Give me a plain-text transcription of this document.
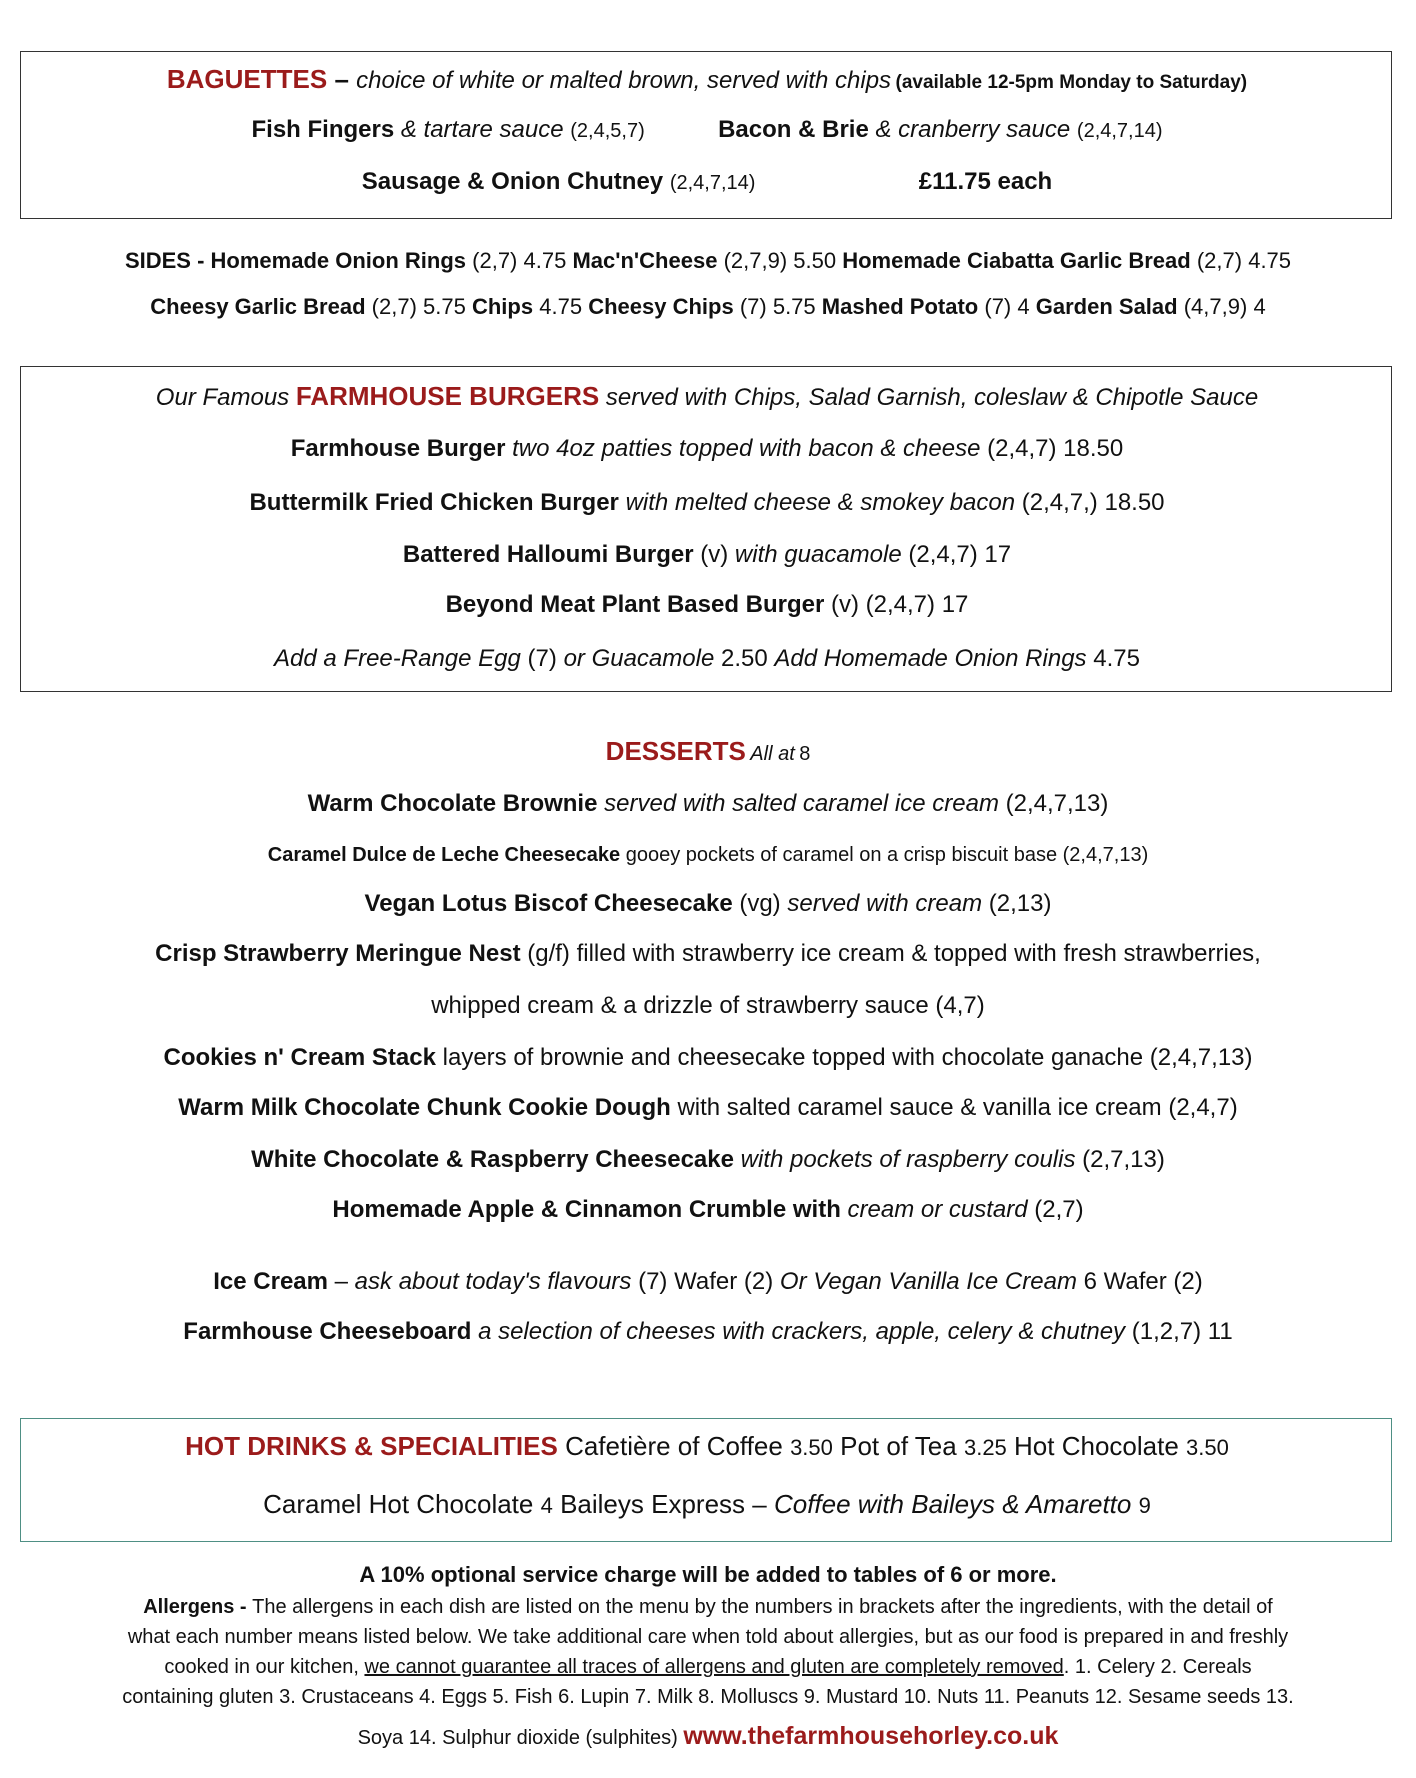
BAGUETTES – choice of white or malted brown, served with chips (available 12-5pm Monday to Saturday)
Fish Fingers & tartare sauce (2,4,5,7)	Bacon & Brie & cranberry sauce (2,4,7,14)
Sausage & Onion Chutney (2,4,7,14)	£11.75 each
SIDES - Homemade Onion Rings (2,7) 4.75 Mac'n'Cheese (2,7,9) 5.50 Homemade Ciabatta Garlic Bread (2,7) 4.75
Cheesy Garlic Bread (2,7) 5.75 Chips 4.75 Cheesy Chips (7) 5.75 Mashed Potato (7) 4 Garden Salad (4,7,9) 4
Our Famous FARMHOUSE BURGERS served with Chips, Salad Garnish, coleslaw & Chipotle Sauce
Farmhouse Burger two 4oz patties topped with bacon & cheese (2,4,7) 18.50
Buttermilk Fried Chicken Burger with melted cheese & smokey bacon (2,4,7,) 18.50
Battered Halloumi Burger (v) with guacamole (2,4,7) 17
Beyond Meat Plant Based Burger (v) (2,4,7) 17
Add a Free-Range Egg (7) or Guacamole 2.50 Add Homemade Onion Rings 4.75
DESSERTS All at 8
Warm Chocolate Brownie served with salted caramel ice cream (2,4,7,13)
Caramel Dulce de Leche Cheesecake gooey pockets of caramel on a crisp biscuit base (2,4,7,13)
Vegan Lotus Biscof Cheesecake (vg) served with cream (2,13)
Crisp Strawberry Meringue Nest (g/f) filled with strawberry ice cream & topped with fresh strawberries,
whipped cream & a drizzle of strawberry sauce (4,7)
Cookies n' Cream Stack layers of brownie and cheesecake topped with chocolate ganache (2,4,7,13)
Warm Milk Chocolate Chunk Cookie Dough with salted caramel sauce & vanilla ice cream (2,4,7)
White Chocolate & Raspberry Cheesecake with pockets of raspberry coulis (2,7,13)
Homemade Apple & Cinnamon Crumble with cream or custard (2,7)
Ice Cream – ask about today's flavours (7) Wafer (2) Or Vegan Vanilla Ice Cream 6 Wafer (2)
Farmhouse Cheeseboard a selection of cheeses with crackers, apple, celery & chutney (1,2,7) 11
HOT DRINKS & SPECIALITIES Cafetière of Coffee 3.50 Pot of Tea 3.25 Hot Chocolate 3.50
Caramel Hot Chocolate 4 Baileys Express – Coffee with Baileys & Amaretto 9
A 10% optional service charge will be added to tables of 6 or more.
Allergens - The allergens in each dish are listed on the menu by the numbers in brackets after the ingredients, with the detail of
what each number means listed below. We take additional care when told about allergies, but as our food is prepared in and freshly
cooked in our kitchen, we cannot guarantee all traces of allergens and gluten are completely removed. 1. Celery 2. Cereals
containing gluten 3. Crustaceans 4. Eggs 5. Fish 6. Lupin 7. Milk 8. Molluscs 9. Mustard 10. Nuts 11. Peanuts 12. Sesame seeds 13.
Soya 14. Sulphur dioxide (sulphites) www.thefarmhousehorley.co.uk
